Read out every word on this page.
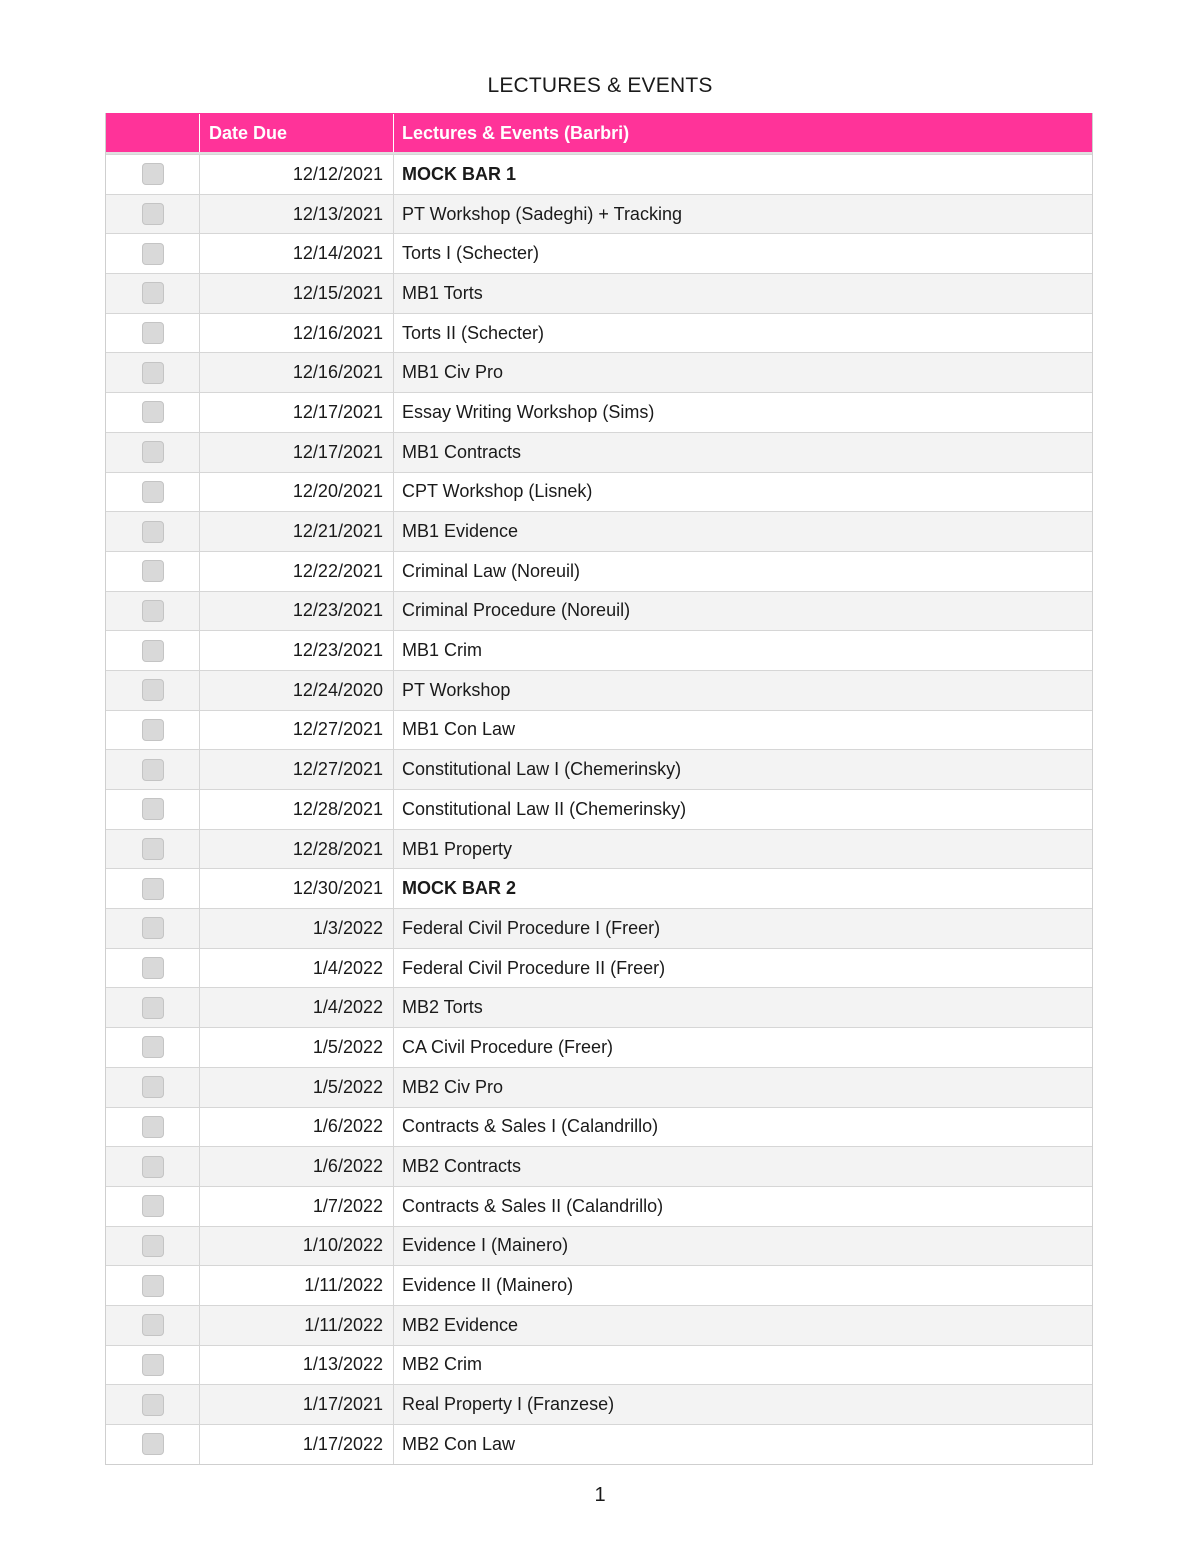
LECTURES & EVENTS
Date Due	Lectures & Events (Barbri)
12/12/2021	MOCK BAR 1
12/13/2021	PT Workshop (Sadeghi) + Tracking
12/14/2021	Torts I (Schecter)
12/15/2021	MB1 Torts
12/16/2021	Torts II (Schecter)
12/16/2021	MB1 Civ Pro
12/17/2021	Essay Writing Workshop (Sims)
12/17/2021	MB1 Contracts
12/20/2021	CPT Workshop (Lisnek)
12/21/2021	MB1 Evidence
12/22/2021	Criminal Law (Noreuil)
12/23/2021	Criminal Procedure (Noreuil)
12/23/2021	MB1 Crim
12/24/2020	PT Workshop
12/27/2021	MB1 Con Law
12/27/2021	Constitutional Law I (Chemerinsky)
12/28/2021	Constitutional Law II (Chemerinsky)
12/28/2021	MB1 Property
12/30/2021	MOCK BAR 2
1/3/2022	Federal Civil Procedure I (Freer)
1/4/2022	Federal Civil Procedure II (Freer)
1/4/2022	MB2 Torts
1/5/2022	CA Civil Procedure (Freer)
1/5/2022	MB2 Civ Pro
1/6/2022	Contracts & Sales I (Calandrillo)
1/6/2022	MB2 Contracts
1/7/2022	Contracts & Sales II (Calandrillo)
1/10/2022	Evidence I (Mainero)
1/11/2022	Evidence II (Mainero)
1/11/2022	MB2 Evidence
1/13/2022	MB2 Crim
1/17/2021	Real Property I (Franzese)
1/17/2022	MB2 Con Law
1
